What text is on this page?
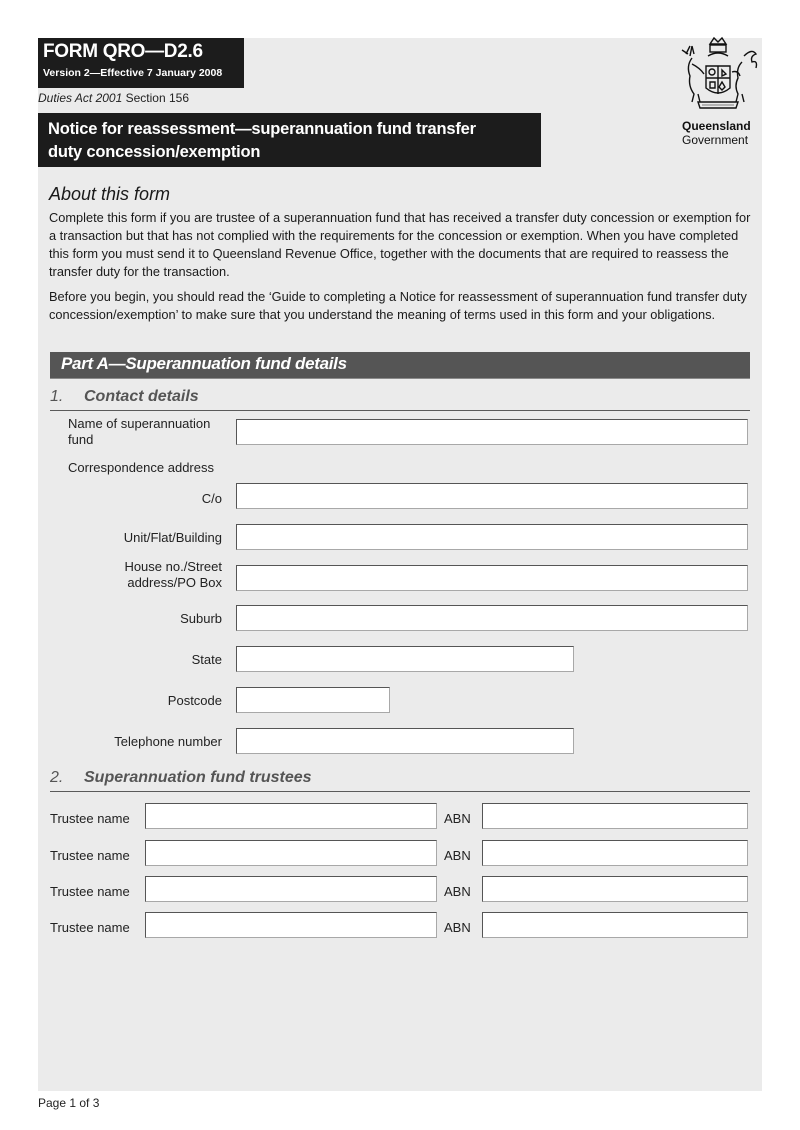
FORM QRO—D2.6
Version 2—Effective 7 January 2008
Duties Act 2001 Section 156
Notice for reassessment—superannuation fund transfer
duty concession/exemption
Queensland
Government
About this form
Complete this form if you are trustee of a superannuation fund that has received a transfer duty concession or exemption for a transaction but that has not complied with the requirements for the concession or exemption. When you have completed this form you must send it to Queensland Revenue Office, together with the documents that are required to reassess the transfer duty for the transaction.
Before you begin, you should read the ‘Guide to completing a Notice for reassessment of superannuation fund transfer duty concession/exemption’ to make sure that you understand the meaning of terms used in this form and your obligations.
Part A—Superannuation fund details
1. Contact details
Name of superannuation fund
Correspondence address
C/o
Unit/Flat/Building
House no./Street address/PO Box
Suburb
State
Postcode
Telephone number
2. Superannuation fund trustees
Trustee name	ABN
Trustee name	ABN
Trustee name	ABN
Trustee name	ABN
Page 1 of 3
